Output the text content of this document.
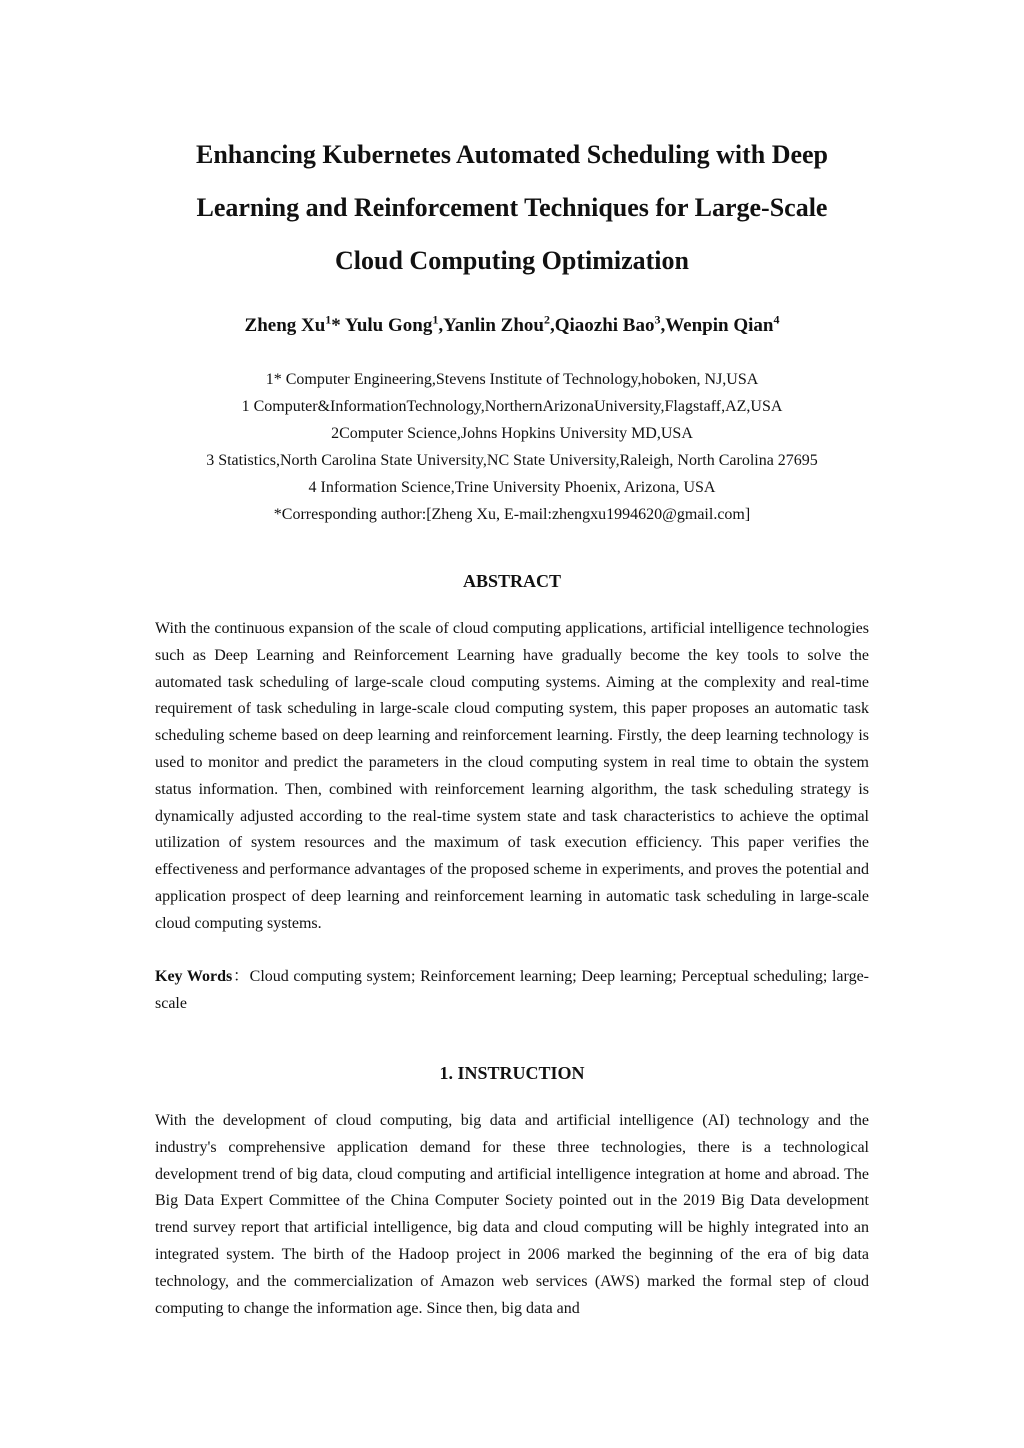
Enhancing Kubernetes Automated Scheduling with Deep
Learning and Reinforcement Techniques for Large-Scale
Cloud Computing Optimization

Zheng Xu$^1$* Yulu Gong$^1$,Yanlin Zhou$^2$,Qiaozhi Bao$^3$,Wenpin Qian$^4$

1* Computer Engineering,Stevens Institute of Technology,hoboken, NJ,USA
1 Computer&InformationTechnology,NorthernArizonaUniversity,Flagstaff,AZ,USA
2Computer Science,Johns Hopkins University MD,USA
3 Statistics,North Carolina State University,NC State University,Raleigh, North Carolina 27695
4 Information Science,Trine University Phoenix, Arizona, USA
*Corresponding author:[Zheng Xu, E-mail:zhengxu1994620@gmail.com]
ABSTRACT

With the continuous expansion of the scale of cloud computing applications, artificial intelligence technologies such as Deep Learning and Reinforcement Learning have gradually become the key tools to solve the automated task scheduling of large-scale cloud computing systems. Aiming at the complexity and real-time requirement of task scheduling in large-scale cloud computing system, this paper proposes an automatic task scheduling scheme based on deep learning and reinforcement learning. Firstly, the deep learning technology is used to monitor and predict the parameters in the cloud computing system in real time to obtain the system status information. Then, combined with reinforcement learning algorithm, the task scheduling strategy is dynamically adjusted according to the real-time system state and task characteristics to achieve the optimal utilization of system resources and the maximum of task execution efficiency. This paper verifies the effectiveness and performance advantages of the proposed scheme in experiments, and proves the potential and application prospect of deep learning and reinforcement learning in automatic task scheduling in large-scale cloud computing systems.

Key Words：Cloud computing system; Reinforcement learning; Deep learning; Perceptual scheduling; large-scale

1. INSTRUCTION

With the development of cloud computing, big data and artificial intelligence (AI) technology and the industry's comprehensive application demand for these three technologies, there is a technological development trend of big data, cloud computing and artificial intelligence integration at home and abroad. The Big Data Expert Committee of the China Computer Society pointed out in the 2019 Big Data development trend survey report that artificial intelligence, big data and cloud computing will be highly integrated into an integrated system. The birth of the Hadoop project in 2006 marked the beginning of the era of big data technology, and the commercialization of Amazon web services (AWS) marked the formal step of cloud computing to change the information age. Since then, big data and
